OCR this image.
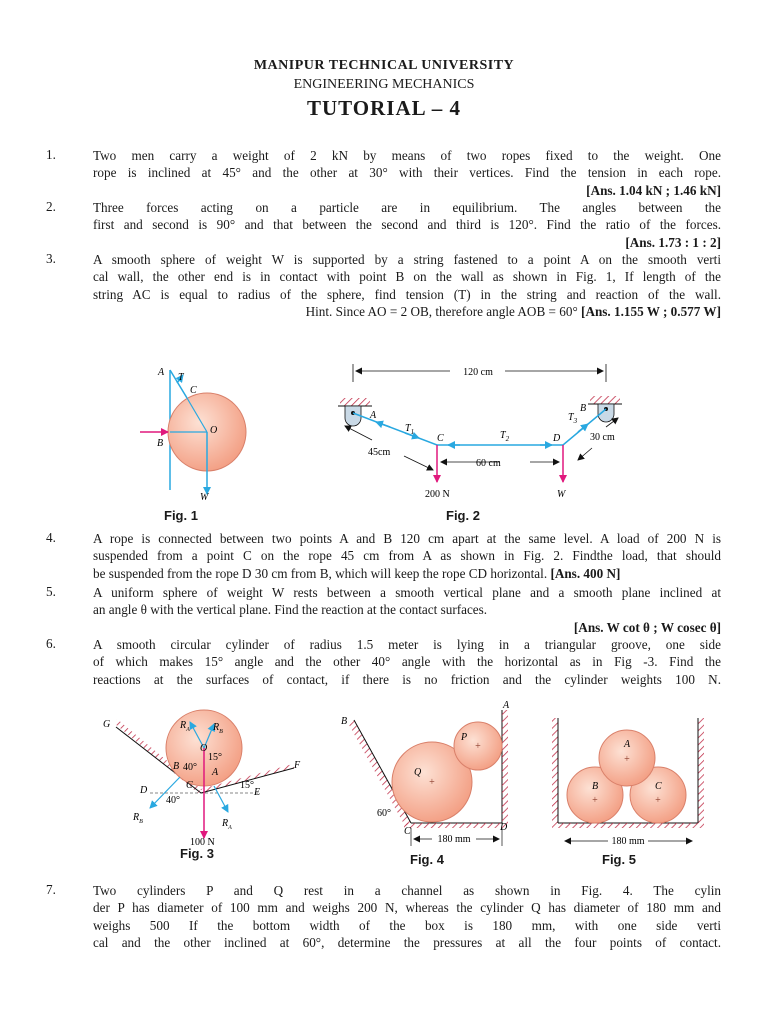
MANIPUR TECHNICAL UNIVERSITY
ENGINEERING MECHANICS
TUTORIAL – 4
1.	Two men carry a weight of 2 kN by means of two ropes fixed to the weight. One
rope is inclined at 45° and the other at 30° with their vertices. Find the tension in each rope.
[Ans. 1.04 kN ; 1.46 kN]
2.	Three forces acting on a particle are in equilibrium. The angles between the
first and second is 90° and that between the second and third is 120°. Find the ratio of the forces.
[Ans. 1.73 : 1 : 2]
3.	A smooth sphere of weight W is supported by a string fastened to a point A on the smooth verti
cal wall, the other end is in contact with point B on the wall as shown in Fig. 1, If length of the
string AC is equal to radius of the sphere, find tension (T) in the string and reaction of the wall.
Hint. Since AO = 2 OB, therefore angle AOB = 60° [Ans. 1.155 W ; 0.577 W]
4.	A rope is connected between two points A and B 120 cm apart at the same level. A load of 200 N is
suspended from a point C on the rope 45 cm from A as shown in Fig. 2. Findthe load, that should
be suspended from the rope D 30 cm from B, which will keep the rope CD horizontal. [Ans. 400 N]
5.	A uniform sphere of weight W rests between a smooth vertical plane and a smooth plane inclined at
an angle θ with the vertical plane. Find the reaction at the contact surfaces.
[Ans. W cot θ ; W cosec θ]
6.	A smooth circular cylinder of radius 1.5 meter is lying in a triangular groove, one side
of which makes 15° angle and the other 40° angle with the horizontal as in Fig -3. Find the
reactions at the surfaces of contact, if there is no friction and the cylinder weights 100 N.
7.	Two cylinders P and Q rest in a channel as shown in Fig. 4. The cylin
der P has diameter of 100 mm and weighs 200 N, whereas the cylinder Q has diameter of 180 mm and
weighs 500 If the bottom width of the box is 180 mm, with one side verti
cal and the other inclined at 60°, determine the pressures at all the four points of contact.
A T
C
O
B
W
120 cm
60 cm
45cm
30 cm
A
B
$T_1$	$T_2$
$T_3$
C	D
200 N	W
G	$R_A$ $R_B$
O
15°
B 40° A
F
D	C	15°
E
40°
$R_B$	$R_A$
100 N
+
+
180 mm
B
A
P
Q
60°
C	D
+
+	+
A
B	C
180 mm
Fig. 1	Fig. 2
Fig. 3	Fig. 4	Fig. 5
